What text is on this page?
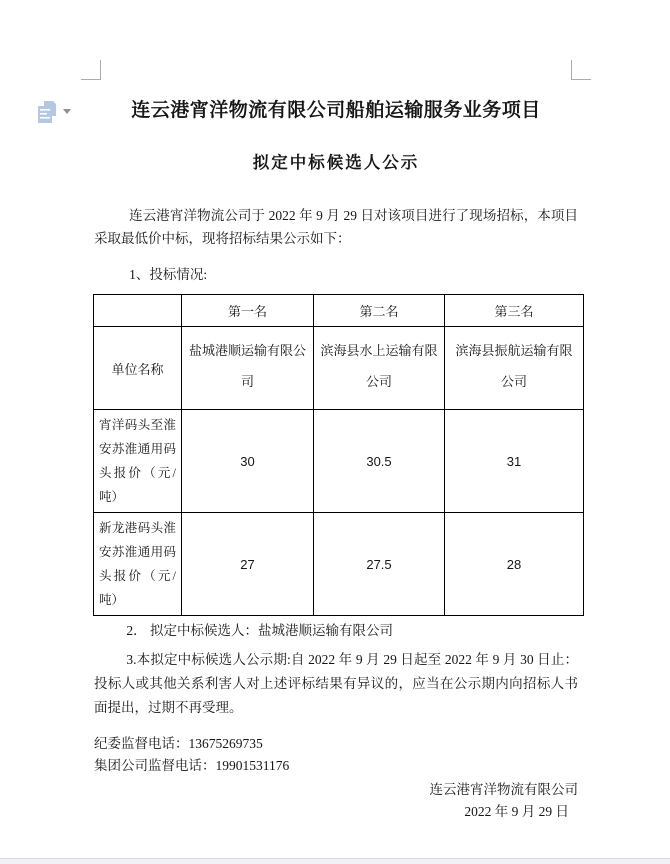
连云港宵洋物流有限公司船舶运输服务业务项目
拟定中标候选人公示

连云港宵洋物流公司于 2022 年 9 月 29 日对该项目进行了现场招标，本项目采取最低价中标，现将招标结果公示如下：

1、投标情况:

	第一名	第二名	第三名
单位名称	盐城港顺运输有限公司	滨海县水上运输有限公司	滨海县振航运输有限公司
宵洋码头至淮安苏淮通用码头报价（元/吨）	30	30.5	31
新龙港码头淮安苏淮通用码头报价（元/吨）	27	27.5	28

2． 拟定中标候选人：盐城港顺运输有限公司

3.本拟定中标候选人公示期:自 2022 年 9 月 29 日起至 2022 年 9 月 30 日止：投标人或其他关系利害人对上述评标结果有异议的，应当在公示期内向招标人书面提出，过期不再受理。

纪委监督电话：13675269735
集团公司监督电话：19901531176
连云港宵洋物流有限公司
2022 年 9 月 29 日
